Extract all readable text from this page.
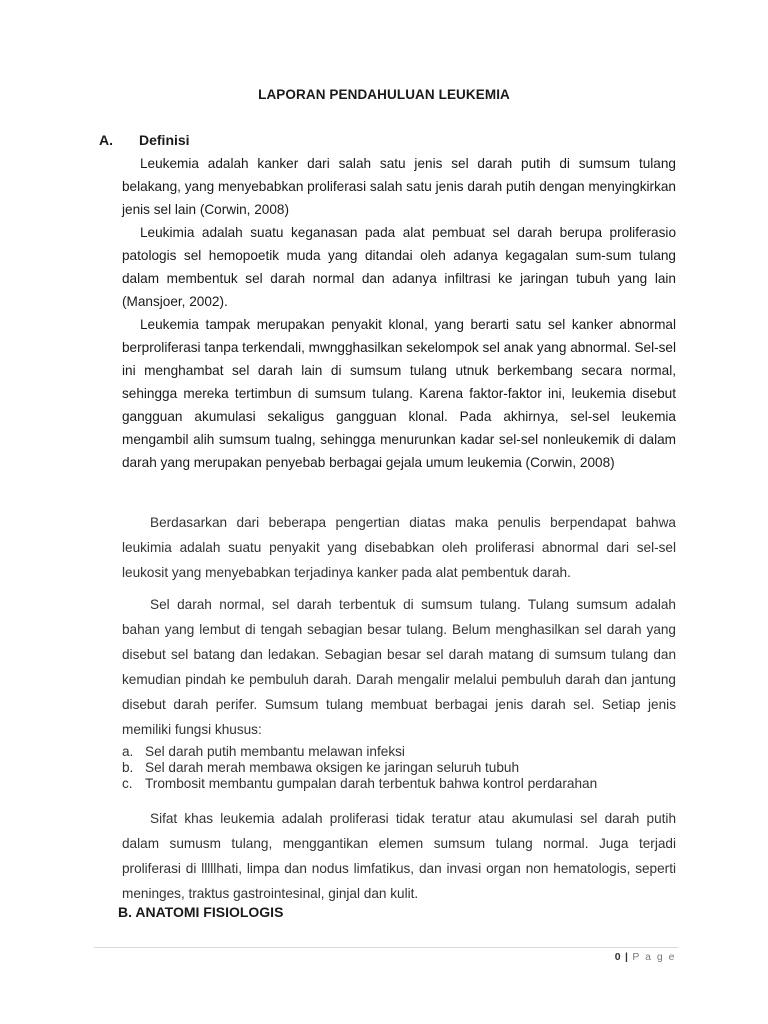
LAPORAN PENDAHULUAN LEUKEMIA
A. Definisi

Leukemia adalah kanker dari salah satu jenis sel darah putih di sumsum tulang belakang, yang menyebabkan proliferasi salah satu jenis darah putih dengan menyingkirkan jenis sel lain (Corwin, 2008)

Leukimia adalah suatu keganasan pada alat pembuat sel darah berupa proliferasio patologis sel hemopoetik muda yang ditandai oleh adanya kegagalan sum-sum tulang dalam membentuk sel darah normal dan adanya infiltrasi ke jaringan tubuh yang lain (Mansjoer, 2002).

Leukemia tampak merupakan penyakit klonal, yang berarti satu sel kanker abnormal berproliferasi tanpa terkendali, mwngghasilkan sekelompok sel anak yang abnormal. Sel-sel ini menghambat sel darah lain di sumsum tulang utnuk berkembang secara normal, sehingga mereka tertimbun di sumsum tulang. Karena faktor-faktor ini, leukemia disebut gangguan akumulasi sekaligus gangguan klonal. Pada akhirnya, sel-sel leukemia mengambil alih sumsum tualng, sehingga menurunkan kadar sel-sel nonleukemik di dalam darah yang merupakan penyebab berbagai gejala umum leukemia (Corwin, 2008)

Berdasarkan dari beberapa pengertian diatas maka penulis berpendapat bahwa leukimia adalah suatu penyakit yang disebabkan oleh proliferasi abnormal dari sel-sel leukosit yang menyebabkan terjadinya kanker pada alat pembentuk darah.

Sel darah normal, sel darah terbentuk di sumsum tulang. Tulang sumsum adalah bahan yang lembut di tengah sebagian besar tulang. Belum menghasilkan sel darah yang disebut sel batang dan ledakan. Sebagian besar sel darah matang di sumsum tulang dan kemudian pindah ke pembuluh darah. Darah mengalir melalui pembuluh darah dan jantung disebut darah perifer. Sumsum tulang membuat berbagai jenis darah sel. Setiap jenis memiliki fungsi khusus:

a. Sel darah putih membantu melawan infeksi
b. Sel darah merah membawa oksigen ke jaringan seluruh tubuh
c. Trombosit membantu gumpalan darah terbentuk bahwa kontrol perdarahan

Sifat khas leukemia adalah proliferasi tidak teratur atau akumulasi sel darah putih dalam sumusm tulang, menggantikan elemen sumsum tulang normal. Juga terjadi proliferasi di lllllhati, limpa dan nodus limfatikus, dan invasi organ non hematologis, seperti meninges, traktus gastrointesinal, ginjal dan kulit.

B. ANATOMI FISIOLOGIS
0 | P a g e
